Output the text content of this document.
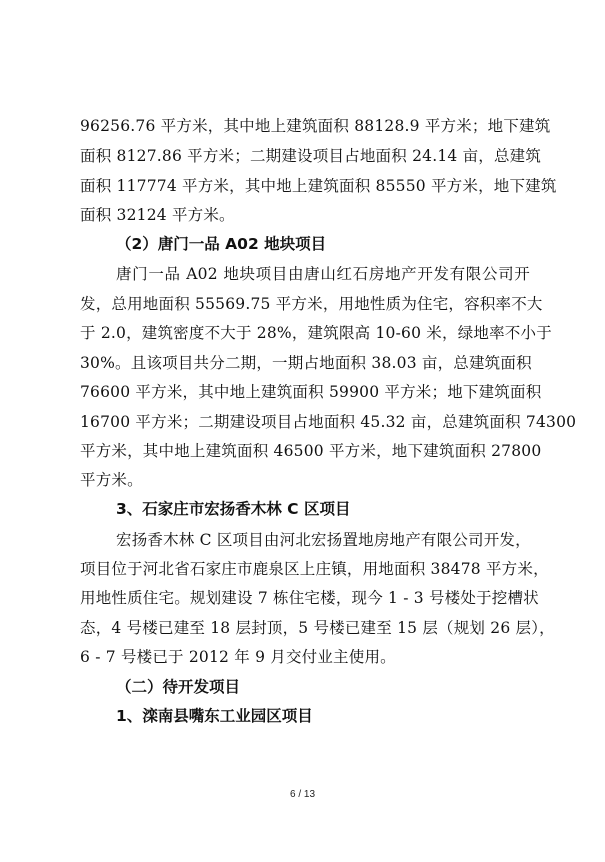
96256.76 平方米，其中地上建筑面积 88128.9 平方米；地下建筑
面积 8127.86 平方米；二期建设项目占地面积 24.14 亩，总建筑
面积 117774 平方米，其中地上建筑面积 85550 平方米，地下建筑
面积 32124 平方米。
（2）唐门一品 A02 地块项目
唐门一品 A02 地块项目由唐山红石房地产开发有限公司开
发，总用地面积 55569.75 平方米，用地性质为住宅，容积率不大
于 2.0，建筑密度不大于 28%，建筑限高 10-60 米，绿地率不小于
30%。且该项目共分二期，一期占地面积 38.03 亩，总建筑面积
76600 平方米，其中地上建筑面积 59900 平方米；地下建筑面积
16700 平方米；二期建设项目占地面积 45.32 亩，总建筑面积 74300
平方米，其中地上建筑面积 46500 平方米，地下建筑面积 27800
平方米。
3、石家庄市宏扬香木林 C 区项目
宏扬香木林 C 区项目由河北宏扬置地房地产有限公司开发，
项目位于河北省石家庄市鹿泉区上庄镇，用地面积 38478 平方米，
用地性质住宅。规划建设 7 栋住宅楼，现今 1 - 3 号楼处于挖槽状
态，4 号楼已建至 18 层封顶，5 号楼已建至 15 层（规划 26 层），
6 - 7 号楼已于 2012 年 9 月交付业主使用。
（二）待开发项目
1、滦南县嘴东工业园区项目
6 / 13
